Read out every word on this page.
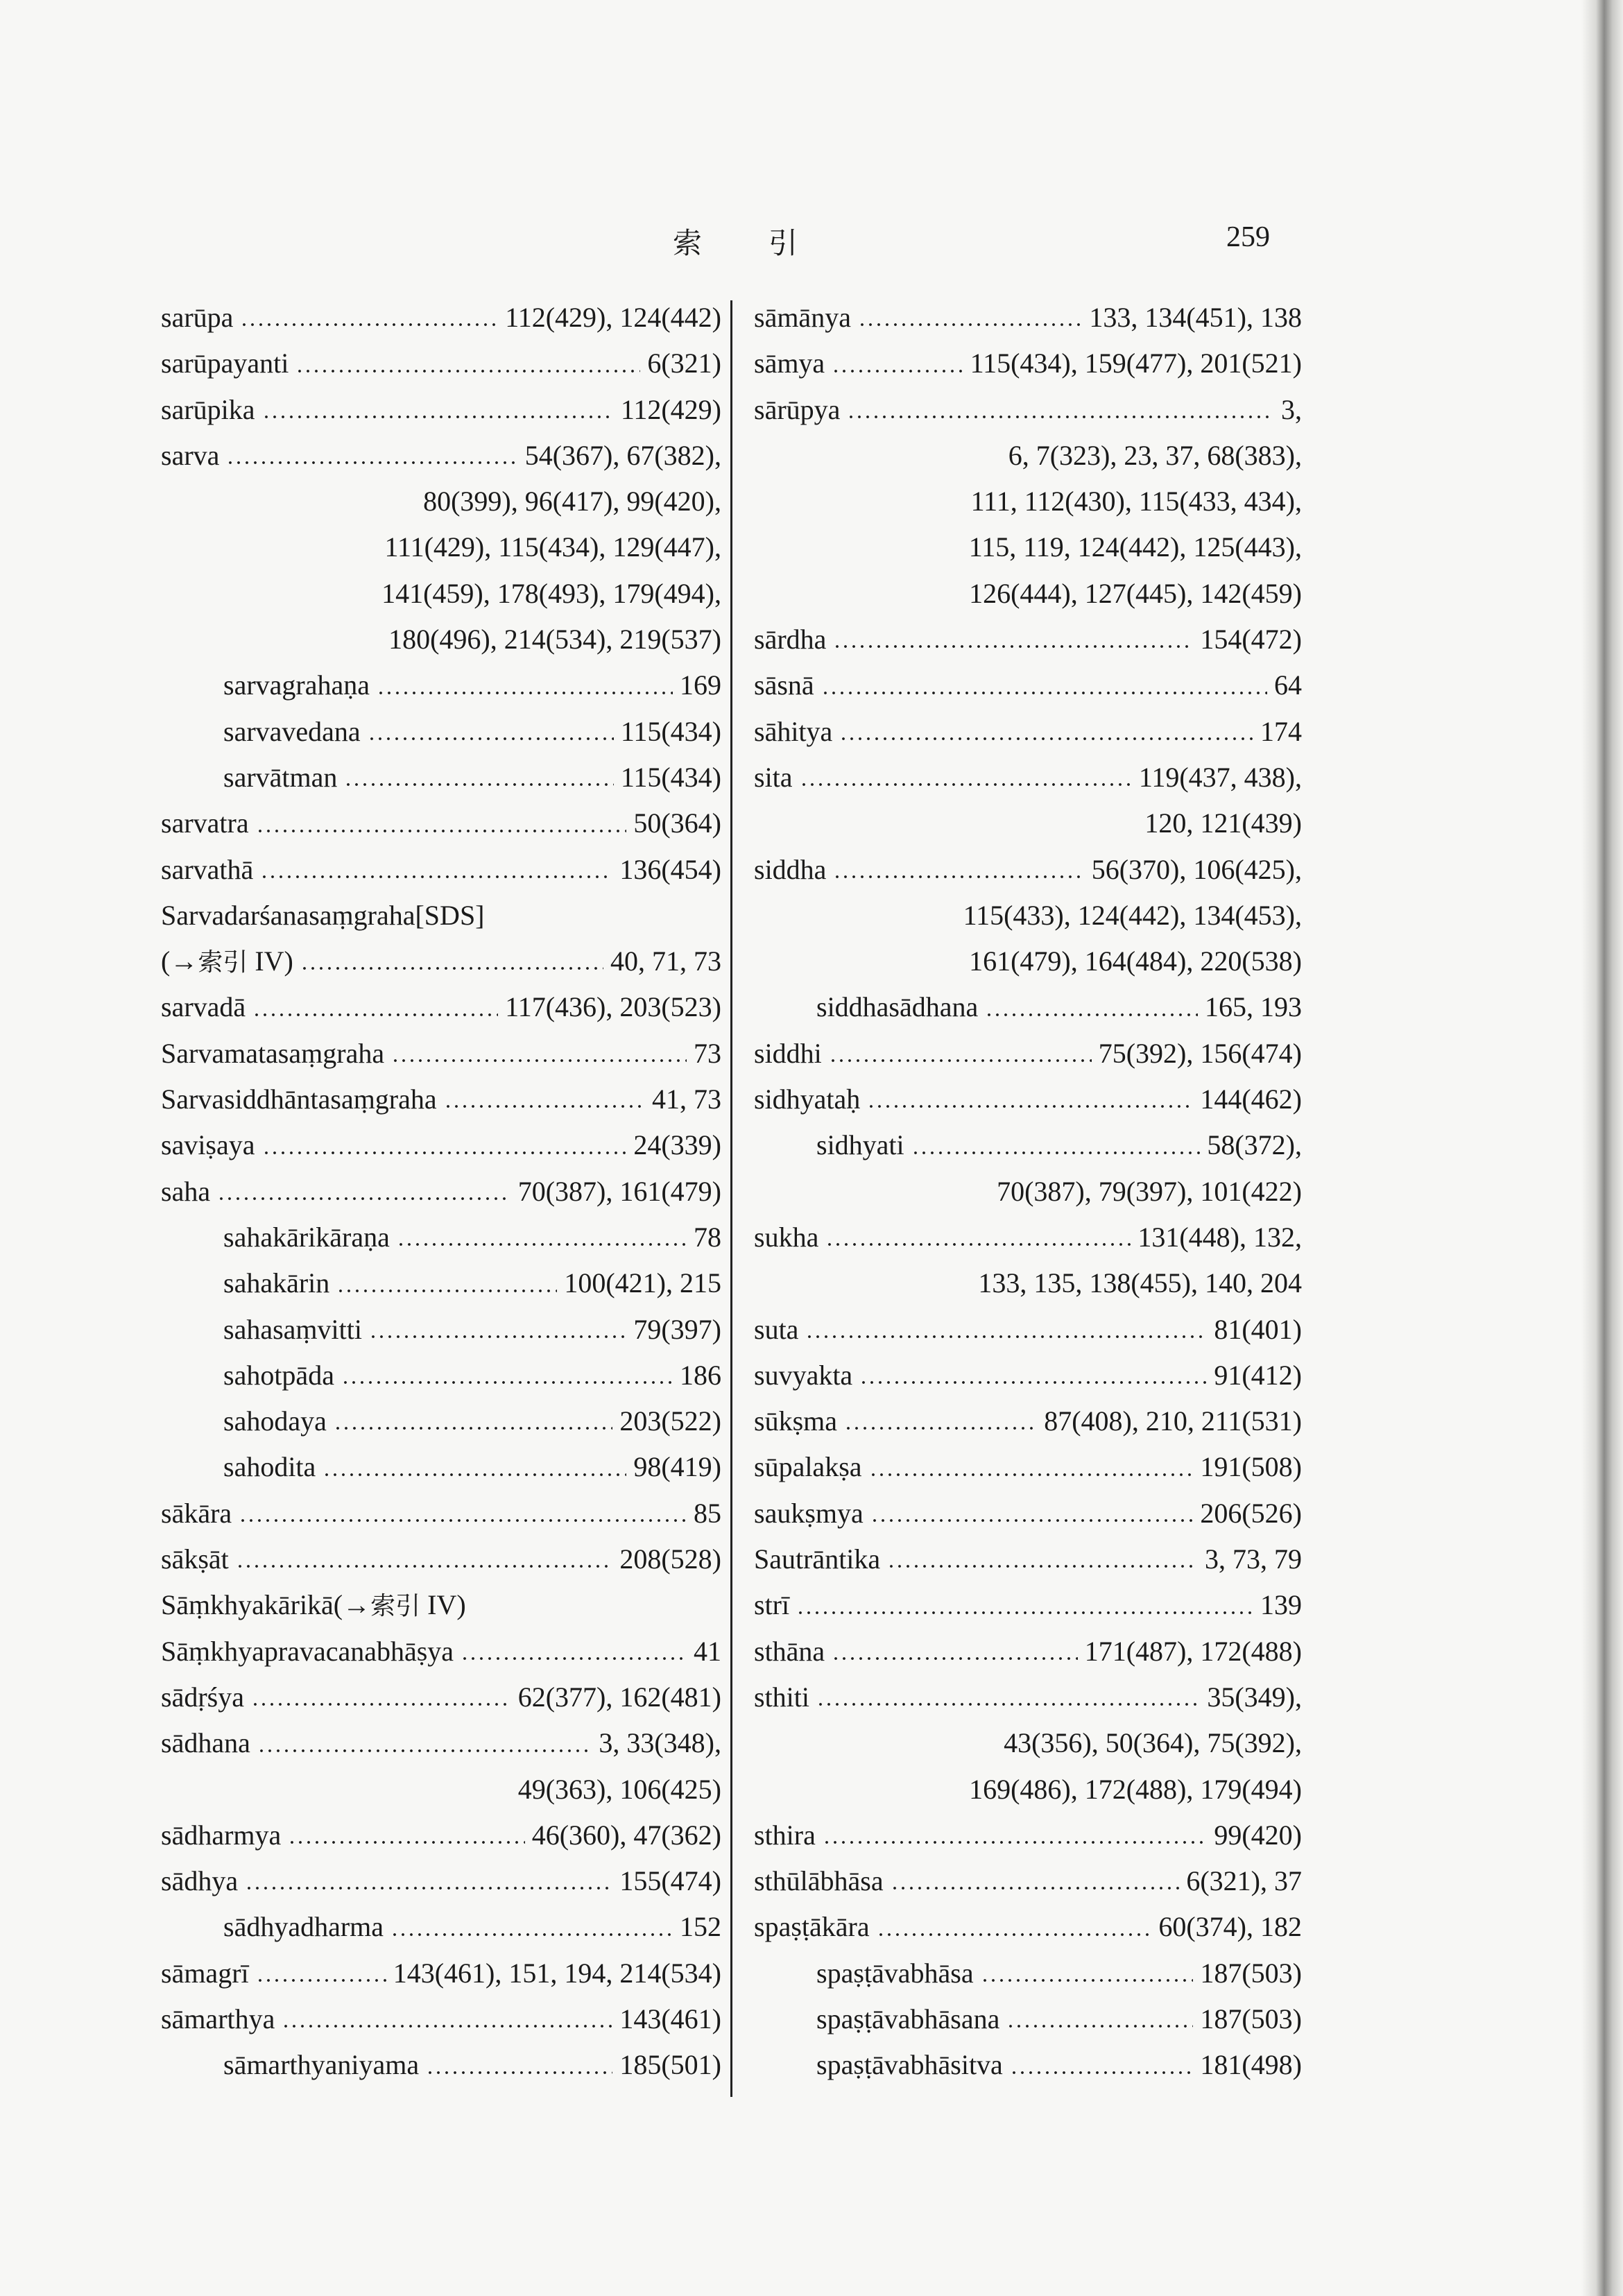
索 引	259
sarūpa	112(429), 124(442)
sarūpayanti	6(321)
sarūpika	112(429)
sarva	54(367), 67(382),
80(399), 96(417), 99(420),
111(429), 115(434), 129(447),
141(459), 178(493), 179(494),
180(496), 214(534), 219(537)
sarvagrahaṇa	169
sarvavedana	115(434)
sarvātman	115(434)
sarvatra	50(364)
sarvathā	136(454)
Sarvadarśanasaṃgraha[SDS]
(→索引 IV)	40, 71, 73
sarvadā	117(436), 203(523)
Sarvamatasaṃgraha	73
Sarvasiddhāntasaṃgraha	41, 73
saviṣaya	24(339)
saha	70(387), 161(479)
sahakārikāraṇa	78
sahakārin	100(421), 215
sahasaṃvitti	79(397)
sahotpāda	186
sahodaya	203(522)
sahodita	98(419)
sākāra	85
sākṣāt	208(528)
Sāṃkhyakārikā(→索引 IV)
Sāṃkhyapravacanabhāṣya	41
sādṛśya	62(377), 162(481)
sādhana	3, 33(348),
49(363), 106(425)
sādharmya	46(360), 47(362)
sādhya	155(474)
sādhyadharma	152
sāmagrī	143(461), 151, 194, 214(534)
sāmarthya	143(461)
sāmarthyaniyama	185(501)
sāmānya	133, 134(451), 138
sāmya	115(434), 159(477), 201(521)
sārūpya	3,
6, 7(323), 23, 37, 68(383),
111, 112(430), 115(433, 434),
115, 119, 124(442), 125(443),
126(444), 127(445), 142(459)
sārdha	154(472)
sāsnā	64
sāhitya	174
sita	119(437, 438),
120, 121(439)
siddha	56(370), 106(425),
115(433), 124(442), 134(453),
161(479), 164(484), 220(538)
siddhasādhana	165, 193
siddhi	75(392), 156(474)
sidhyataḥ	144(462)
sidhyati	58(372),
70(387), 79(397), 101(422)
sukha	131(448), 132,
133, 135, 138(455), 140, 204
suta	81(401)
suvyakta	91(412)
sūkṣma	87(408), 210, 211(531)
sūpalakṣa	191(508)
saukṣmya	206(526)
Sautrāntika	3, 73, 79
strī	139
sthāna	171(487), 172(488)
sthiti	35(349),
43(356), 50(364), 75(392),
169(486), 172(488), 179(494)
sthira	99(420)
sthūlābhāsa	6(321), 37
spaṣṭākāra	60(374), 182
spaṣṭāvabhāsa	187(503)
spaṣṭāvabhāsana	187(503)
spaṣṭāvabhāsitva	181(498)
